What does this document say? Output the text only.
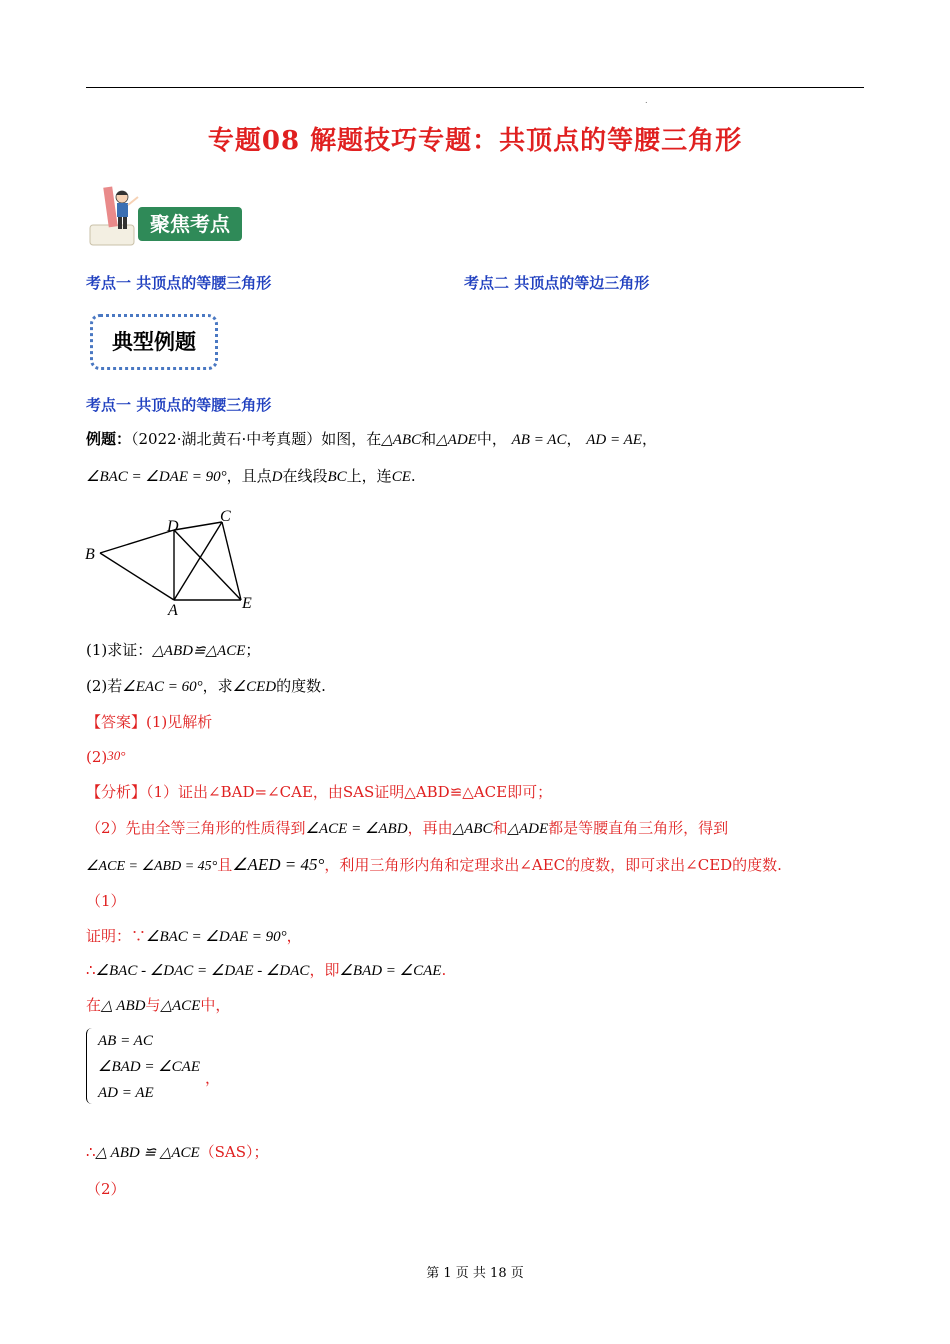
.
专题08 解题技巧专题：共顶点的等腰三角形
聚焦考点
考点一 共顶点的等腰三角形	考点二 共顶点的等边三角形
典型例题
考点一 共顶点的等腰三角形
例题：（2022·湖北黄石·中考真题）如图，在△ABC和△ADE中， AB = AC， AD = AE，
∠BAC = ∠DAE = 90°，且点D在线段BC上，连CE.
B
D
C
A	E
(1)求证：△ABD≌△ACE；
(2)若∠EAC = 60°，求∠CED的度数.
【答案】(1)见解析
(2)30°
【分析】（1）证出∠BAD=∠CAE，由SAS证明△ABD≌△ACE即可；
（2）先由全等三角形的性质得到∠ACE = ∠ABD，再由△ABC和△ADE都是等腰直角三角形，得到
∠ACE = ∠ABD = 45°且∠AED = 45°，利用三角形内角和定理求出∠AEC的度数，即可求出∠CED的度数.
（1）
证明：∵∠BAC = ∠DAE = 90°，
∴∠BAC - ∠DAC = ∠DAE - ∠DAC，即∠BAD = ∠CAE.
在△ ABD与△ACE中，
AB = AC
∠BAD = ∠CAE
AD = AE
，
∴△ ABD ≌ △ACE（SAS）；
（2）
第 1 页 共 18 页
